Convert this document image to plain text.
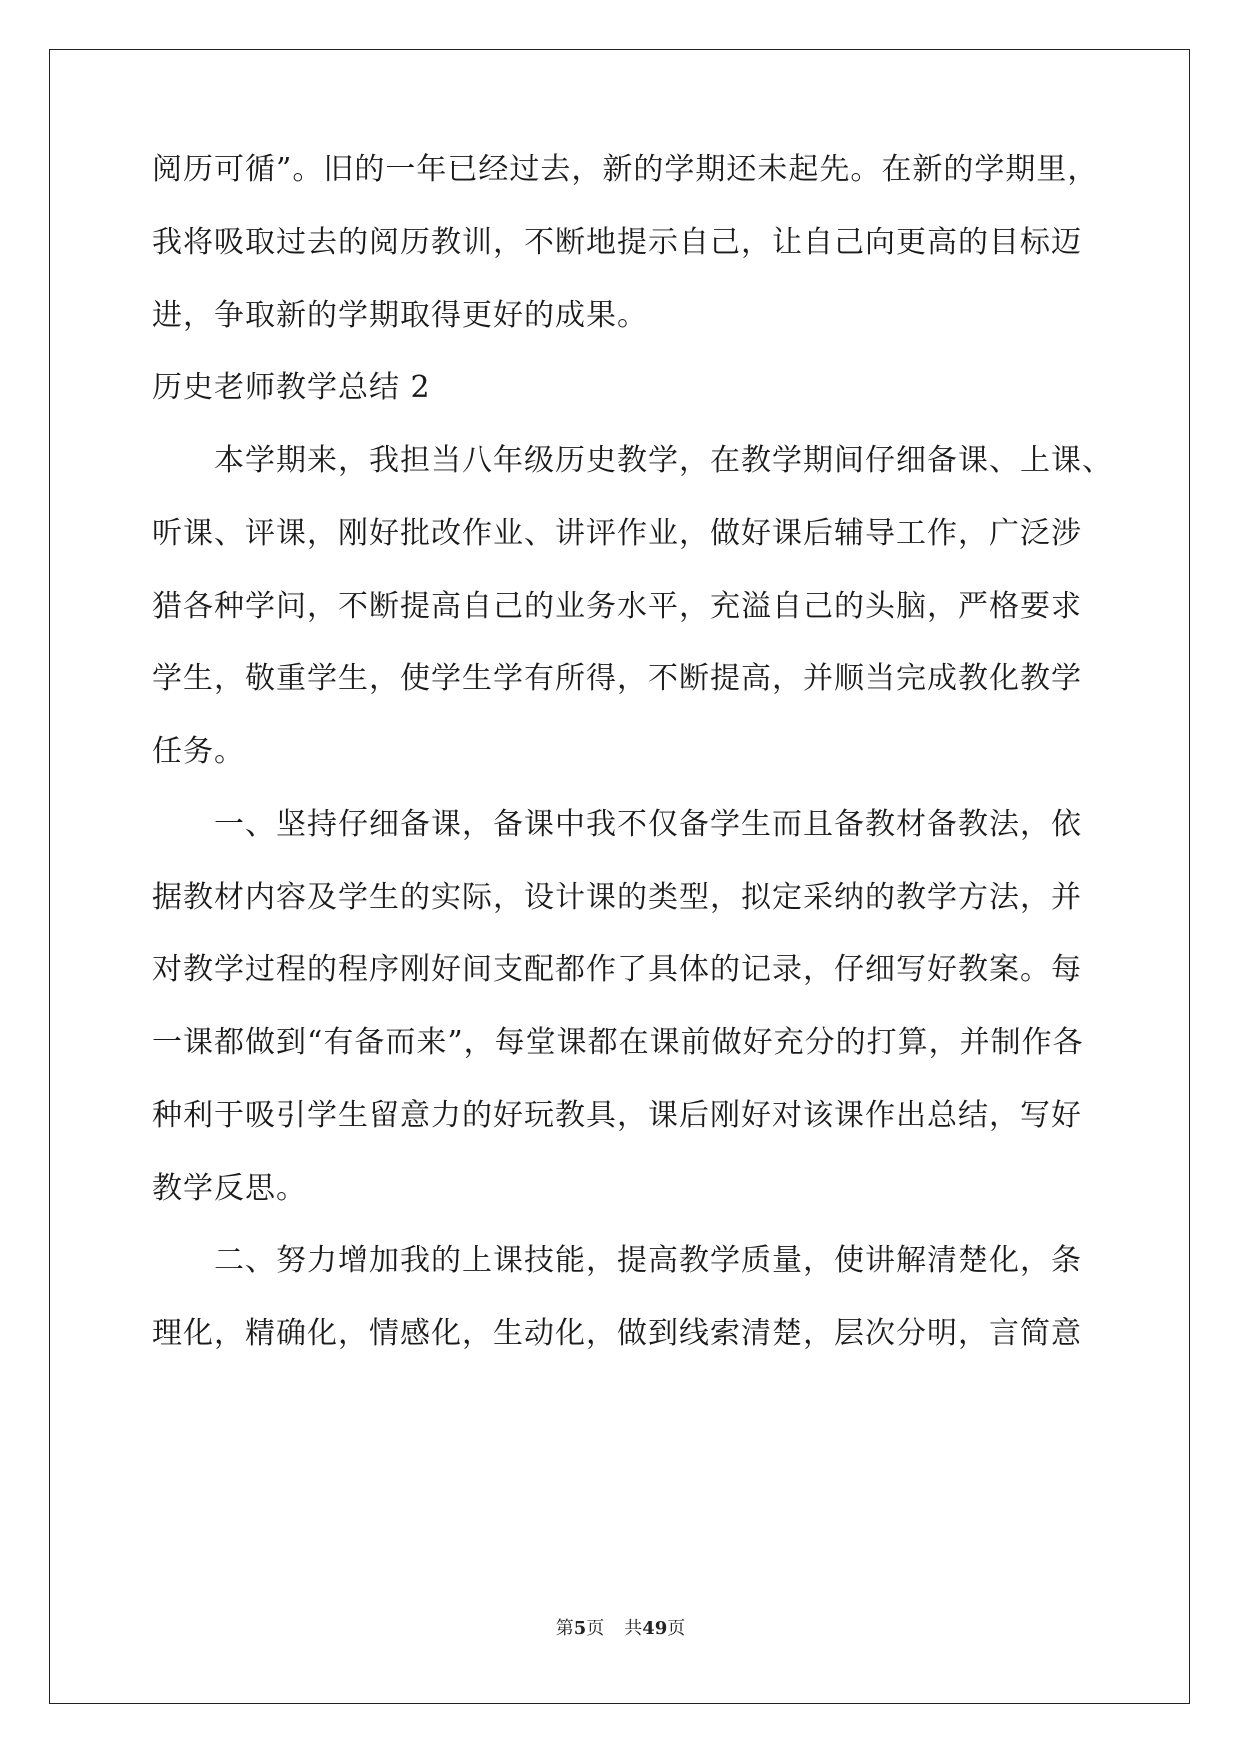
阅历可循”。旧的一年已经过去，新的学期还未起先。在新的学期里，
我将吸取过去的阅历教训，不断地提示自己，让自己向更高的目标迈
进，争取新的学期取得更好的成果。
历史老师教学总结 2
　　本学期来，我担当八年级历史教学，在教学期间仔细备课、上课、
听课、评课，刚好批改作业、讲评作业，做好课后辅导工作，广泛涉
猎各种学问，不断提高自己的业务水平，充溢自己的头脑，严格要求
学生，敬重学生，使学生学有所得，不断提高，并顺当完成教化教学
任务。
　　一、坚持仔细备课，备课中我不仅备学生而且备教材备教法，依
据教材内容及学生的实际，设计课的类型，拟定采纳的教学方法，并
对教学过程的程序刚好间支配都作了具体的记录，仔细写好教案。每
一课都做到“有备而来”，每堂课都在课前做好充分的打算，并制作各
种利于吸引学生留意力的好玩教具，课后刚好对该课作出总结，写好
教学反思。
　　二、努力增加我的上课技能，提高教学质量，使讲解清楚化，条
理化，精确化，情感化，生动化，做到线索清楚，层次分明，言简意
第5页 共49页
